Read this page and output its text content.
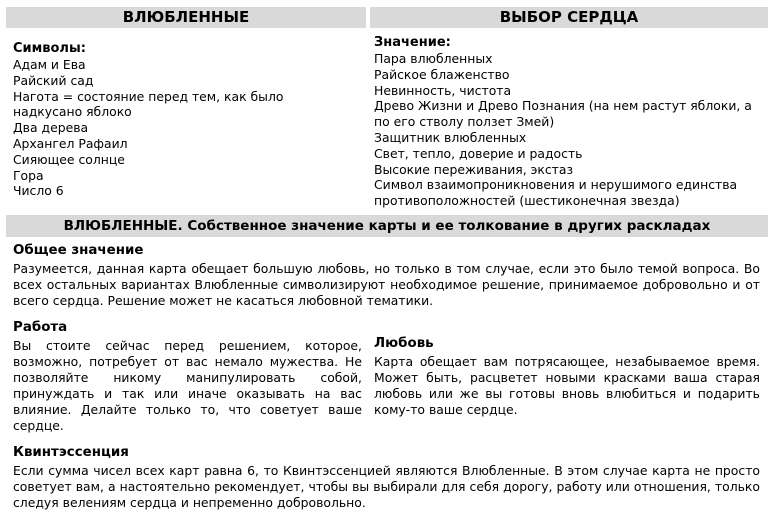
ВЛЮБЛЕННЫЕ	ВЫБОР СЕРДЦА
Символы:
Адам и Ева
Райский сад
Нагота = состояние перед тем, как было надкусано яблоко
Два дерева
Архангел Рафаил
Сияющее солнце
Гора
Число 6
Значение:
Пара влюбленных
Райское блаженство
Невинность, чистота
Древо Жизни и Древо Познания (на нем растут яблоки, а по его стволу ползет Змей)
Защитник влюбленных
Свет, тепло, доверие и радость
Высокие переживания, экстаз
Символ взаимопроникновения и нерушимого единства противоположностей (шестиконечная звезда)
ВЛЮБЛЕННЫЕ. Собственное значение карты и ее толкование в других раскладах
Общее значение
Разумеется, данная карта обещает большую любовь, но только в том случае, если это было темой вопроса. Во всех остальных вариантах Влюбленные символизируют необходимое решение, принимаемое добровольно и от всего сердца. Решение может не касаться любовной тематики.
Работа
Вы стоите сейчас перед решением, которое, возможно, потребует от вас немало мужества. Не позволяйте никому манипулировать собой, принуждать и так или иначе оказывать на вас влияние. Делайте только то, что советует ваше сердце.
Любовь
Карта обещает вам потрясающее, незабываемое время. Может быть, расцветет новыми красками ваша старая любовь или же вы готовы вновь влюбиться и подарить кому-то ваше сердце.
Квинтэссенция
Если сумма чисел всех карт равна 6, то Квинтэссенцией являются Влюбленные. В этом случае карта не просто советует вам, а настоятельно рекомендует, чтобы вы выбирали для себя дорогу, работу или отношения, только следуя велениям сердца и непременно добровольно.
